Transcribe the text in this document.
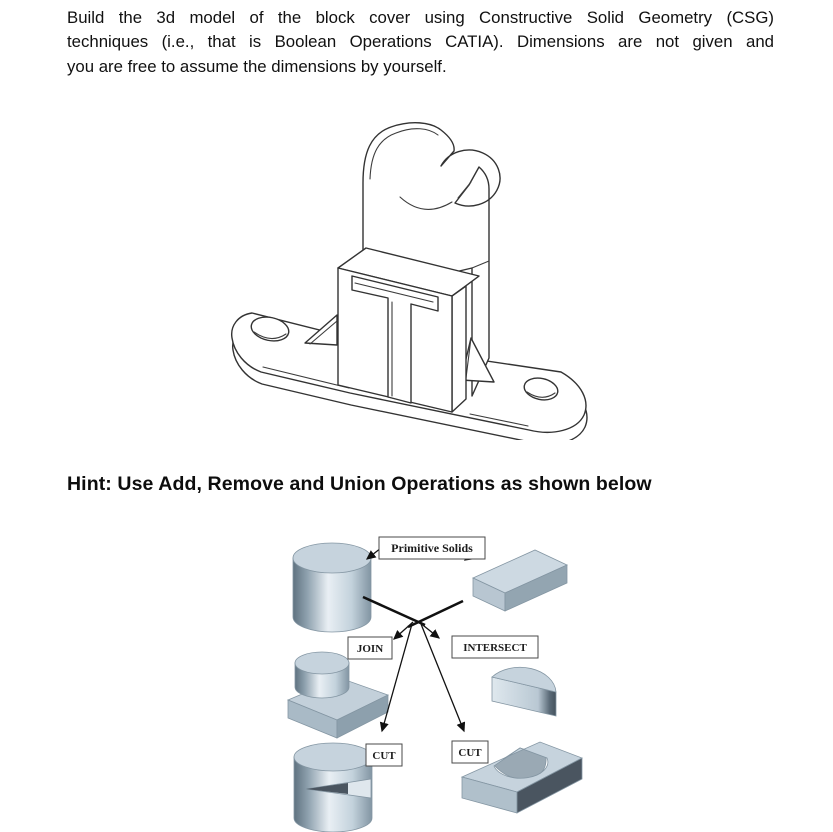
Build the 3d model of the block cover using Constructive Solid Geometry (CSG)
techniques (i.e., that is Boolean Operations CATIA). Dimensions are not given and
you are free to assume the dimensions by yourself.
Hint: Use Add, Remove and Union Operations as shown below
Primitive Solids
JOIN	INTERSECT
CUT	CUT
